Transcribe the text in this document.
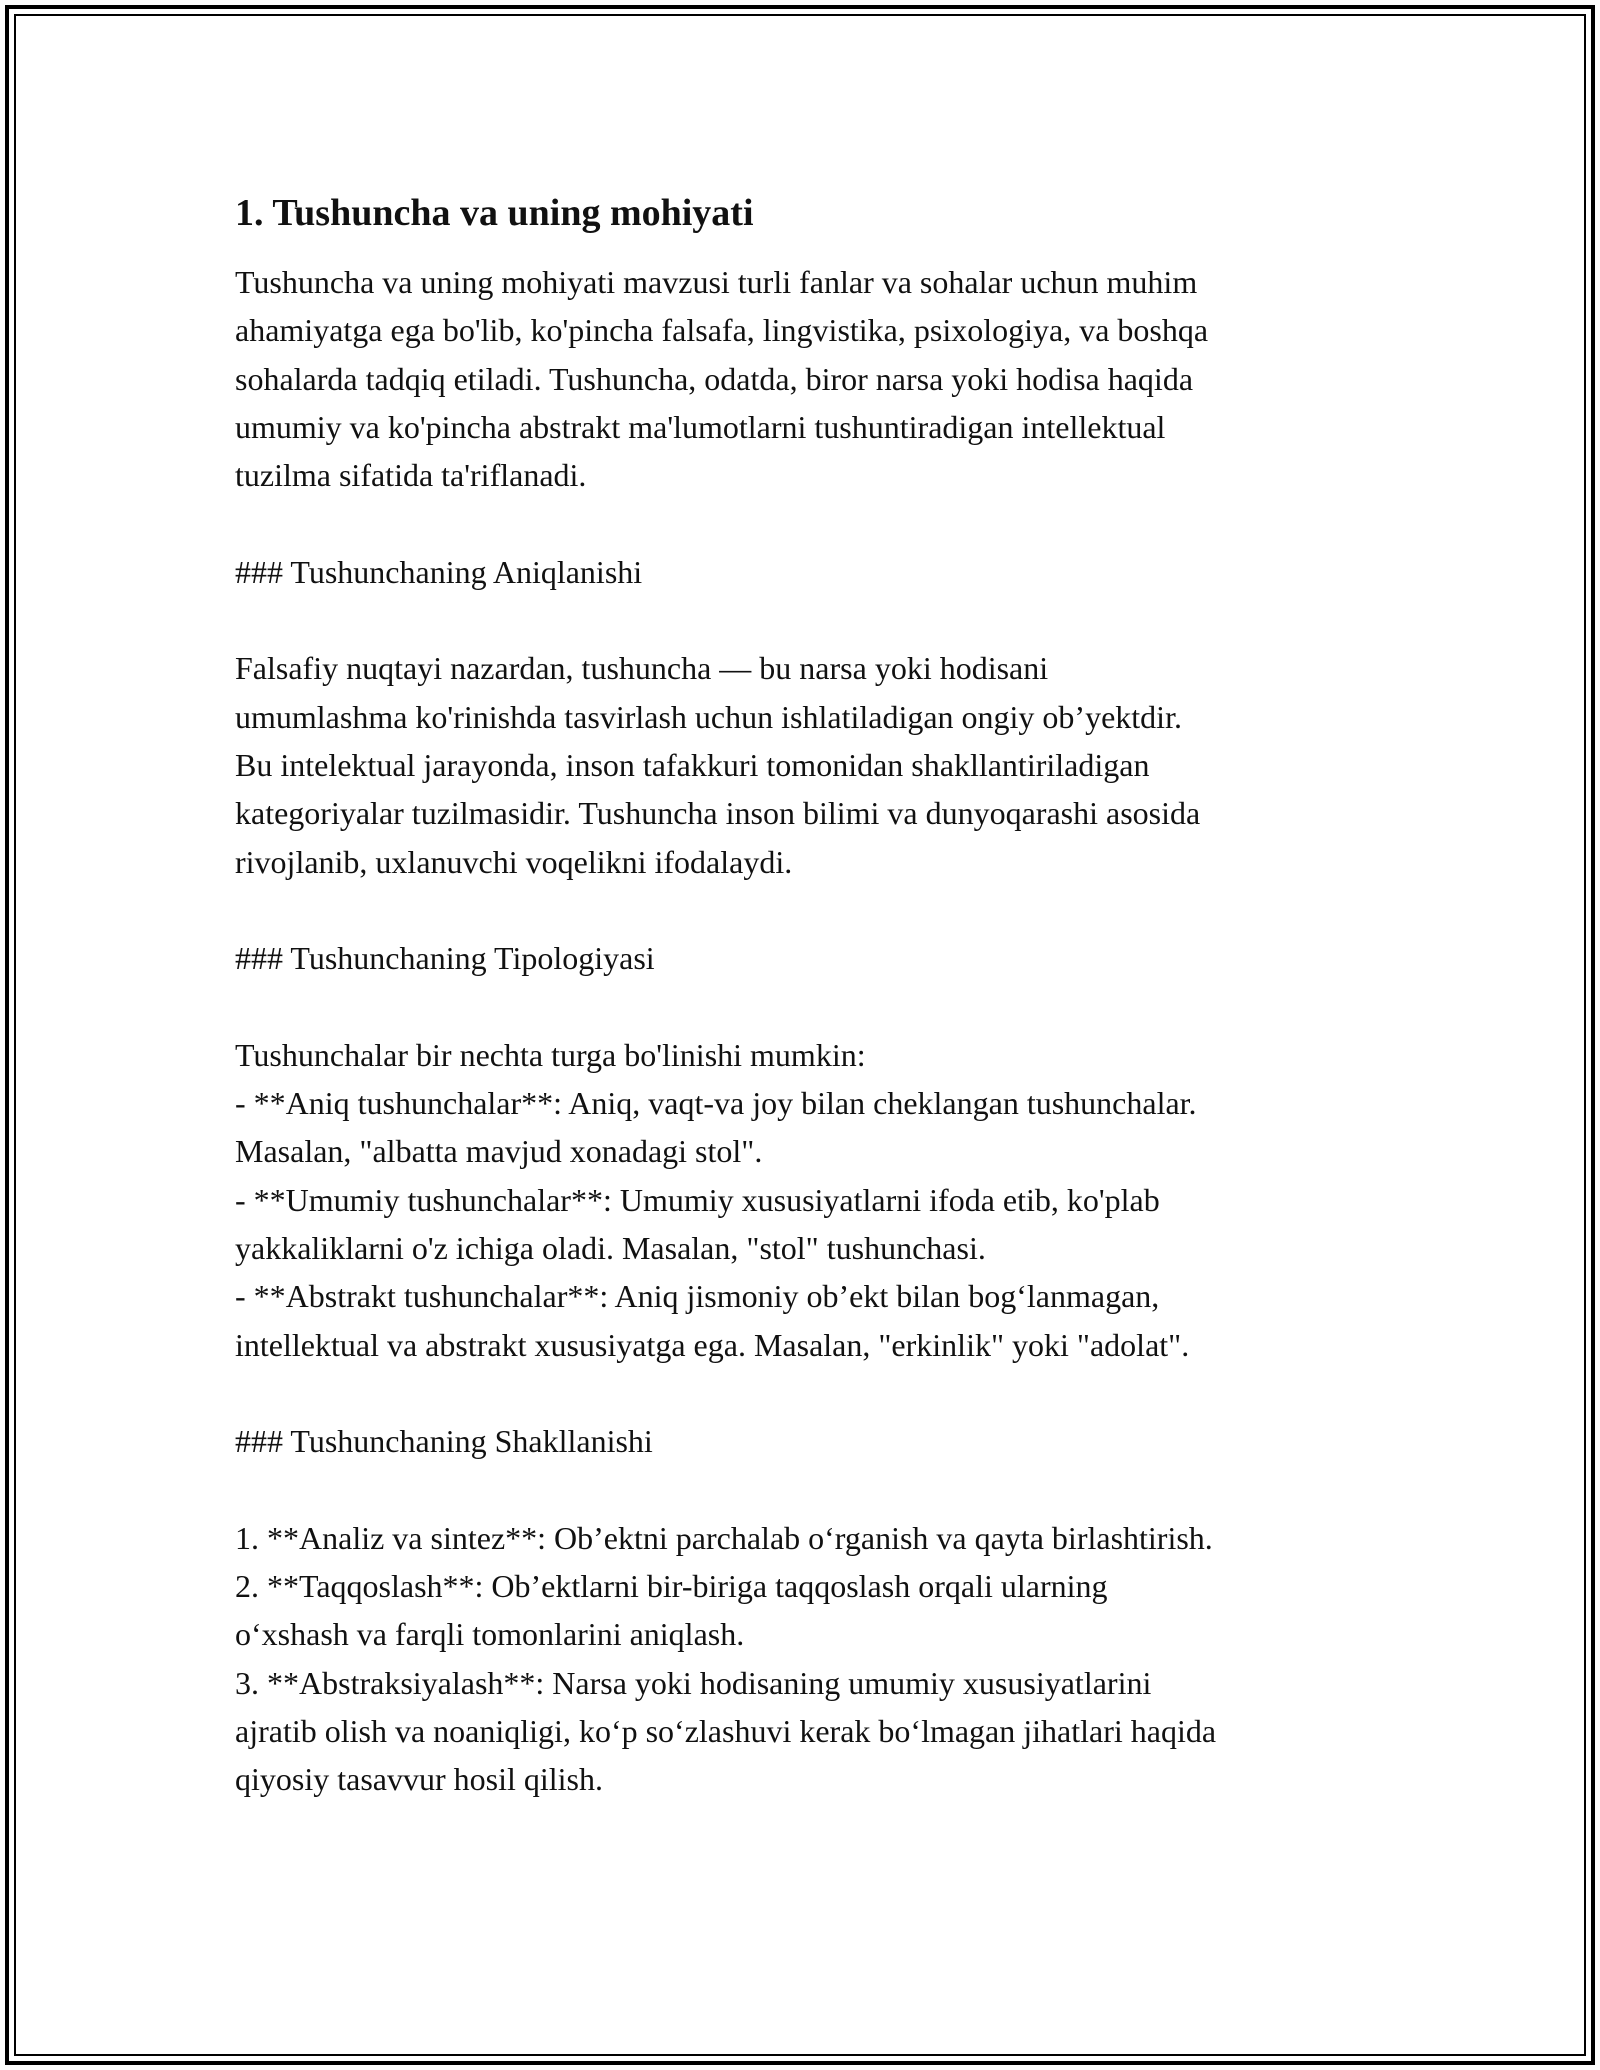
1. Tushuncha va uning mohiyati
Tushuncha va uning mohiyati mavzusi turli fanlar va sohalar uchun muhim
ahamiyatga ega bo'lib, ko'pincha falsafa, lingvistika, psixologiya, va boshqa
sohalarda tadqiq etiladi. Tushuncha, odatda, biror narsa yoki hodisa haqida
umumiy va ko'pincha abstrakt ma'lumotlarni tushuntiradigan intellektual
tuzilma sifatida ta'riflanadi.
### Tushunchaning Aniqlanishi
Falsafiy nuqtayi nazardan, tushuncha — bu narsa yoki hodisani
umumlashma ko'rinishda tasvirlash uchun ishlatiladigan ongiy ob’yektdir.
Bu intelektual jarayonda, inson tafakkuri tomonidan shakllantiriladigan
kategoriyalar tuzilmasidir. Tushuncha inson bilimi va dunyoqarashi asosida
rivojlanib, uxlanuvchi voqelikni ifodalaydi.
### Tushunchaning Tipologiyasi
Tushunchalar bir nechta turga bo'linishi mumkin:
- **Aniq tushunchalar**: Aniq, vaqt-va joy bilan cheklangan tushunchalar.
Masalan, "albatta mavjud xonadagi stol".
- **Umumiy tushunchalar**: Umumiy xususiyatlarni ifoda etib, ko'plab
yakkaliklarni o'z ichiga oladi. Masalan, "stol" tushunchasi.
- **Abstrakt tushunchalar**: Aniq jismoniy ob’ekt bilan bog‘lanmagan,
intellektual va abstrakt xususiyatga ega. Masalan, "erkinlik" yoki "adolat".
### Tushunchaning Shakllanishi
1. **Analiz va sintez**: Ob’ektni parchalab o‘rganish va qayta birlashtirish.
2. **Taqqoslash**: Ob’ektlarni bir-biriga taqqoslash orqali ularning
o‘xshash va farqli tomonlarini aniqlash.
3. **Abstraksiyalash**: Narsa yoki hodisaning umumiy xususiyatlarini
ajratib olish va noaniqligi, ko‘p so‘zlashuvi kerak bo‘lmagan jihatlari haqida
qiyosiy tasavvur hosil qilish.
